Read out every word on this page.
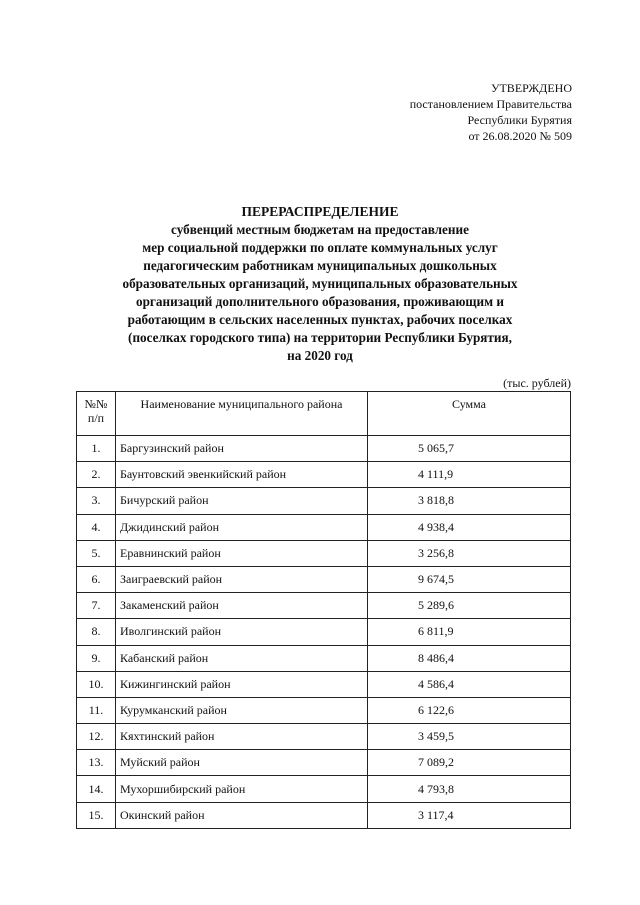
УТВЕРЖДЕНО
постановлением Правительства
Республики Бурятия
от 26.08.2020 № 509
ПЕРЕРАСПРЕДЕЛЕНИЕ
субвенций местным бюджетам на предоставление
мер социальной поддержки по оплате коммунальных услуг
педагогическим работникам муниципальных дошкольных
образовательных организаций, муниципальных образовательных
организаций дополнительного образования, проживающим и
работающим в сельских населенных пунктах, рабочих поселках
(поселках городского типа) на территории Республики Бурятия,
на 2020 год
(тыс. рублей)
№№
п/п	Наименование муниципального района	Сумма
1.	Баргузинский район	5 065,7
2.	Баунтовский эвенкийский район	4 111,9
3.	Бичурский район	3 818,8
4.	Джидинский район	4 938,4
5.	Еравнинский район	3 256,8
6.	Заиграевский район	9 674,5
7.	Закаменский район	5 289,6
8.	Иволгинский район	6 811,9
9.	Кабанский район	8 486,4
10.	Кижингинский район	4 586,4
11.	Курумканский район	6 122,6
12.	Кяхтинский район	3 459,5
13.	Муйский район	7 089,2
14.	Мухоршибирский район	4 793,8
15.	Окинский район	3 117,4
